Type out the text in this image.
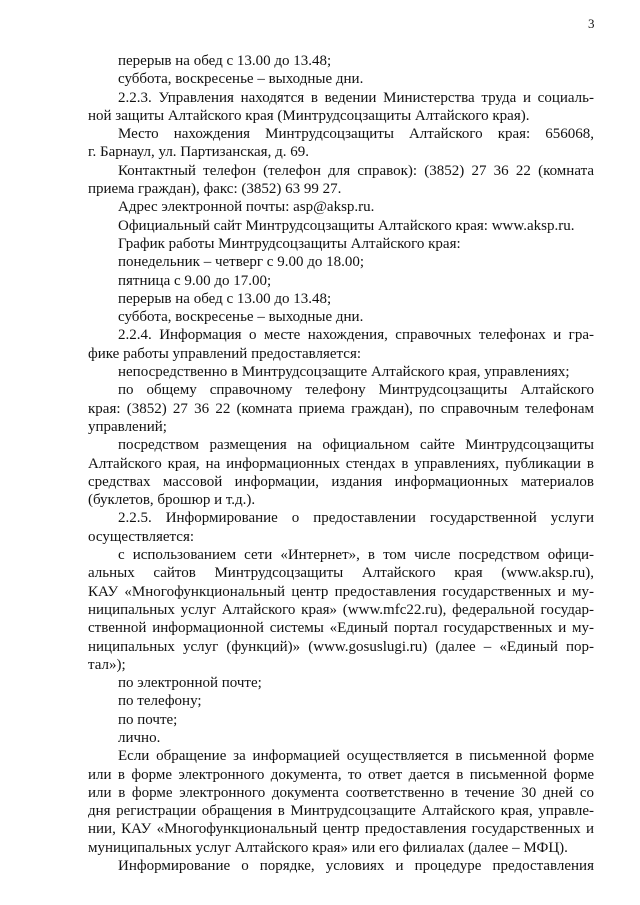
3
перерыв на обед с 13.00 до 13.48;
суббота, воскресенье – выходные дни.
2.2.3. Управления находятся в ведении Министерства труда и социаль-
ной защиты Алтайского края (Минтрудсоцзащиты Алтайского края).
Место нахождения Минтрудсоцзащиты Алтайского края: 656068,
г. Барнаул, ул. Партизанская, д. 69.
Контактный телефон (телефон для справок): (3852) 27 36 22 (комната
приема граждан), факс: (3852) 63 99 27.
Адрес электронной почты: asp@aksp.ru.
Официальный сайт Минтрудсоцзащиты Алтайского края: www.aksp.ru.
График работы Минтрудсоцзащиты Алтайского края:
понедельник – четверг с 9.00 до 18.00;
пятница с 9.00 до 17.00;
перерыв на обед с 13.00 до 13.48;
суббота, воскресенье – выходные дни.
2.2.4. Информация о месте нахождения, справочных телефонах и гра-
фике работы управлений предоставляется:
непосредственно в Минтрудсоцзащите Алтайского края, управлениях;
по общему справочному телефону Минтрудсоцзащиты Алтайского
края: (3852) 27 36 22 (комната приема граждан), по справочным телефонам
управлений;
посредством размещения на официальном сайте Минтрудсоцзащиты
Алтайского края, на информационных стендах в управлениях, публикации в
средствах массовой информации, издания информационных материалов
(буклетов, брошюр и т.д.).
2.2.5. Информирование о предоставлении государственной услуги
осуществляется:
с использованием сети «Интернет», в том числе посредством офици-
альных сайтов Минтрудсоцзащиты Алтайского края (www.aksp.ru),
КАУ «Многофункциональный центр предоставления государственных и му-
ниципальных услуг Алтайского края» (www.mfc22.ru), федеральной государ-
ственной информационной системы «Единый портал государственных и му-
ниципальных услуг (функций)» (www.gosuslugi.ru) (далее – «Единый пор-
тал»);
по электронной почте;
по телефону;
по почте;
лично.
Если обращение за информацией осуществляется в письменной форме
или в форме электронного документа, то ответ дается в письменной форме
или в форме электронного документа соответственно в течение 30 дней со
дня регистрации обращения в Минтрудсоцзащите Алтайского края, управле-
нии, КАУ «Многофункциональный центр предоставления государственных и
муниципальных услуг Алтайского края» или его филиалах (далее – МФЦ).
Информирование о порядке, условиях и процедуре предоставления
